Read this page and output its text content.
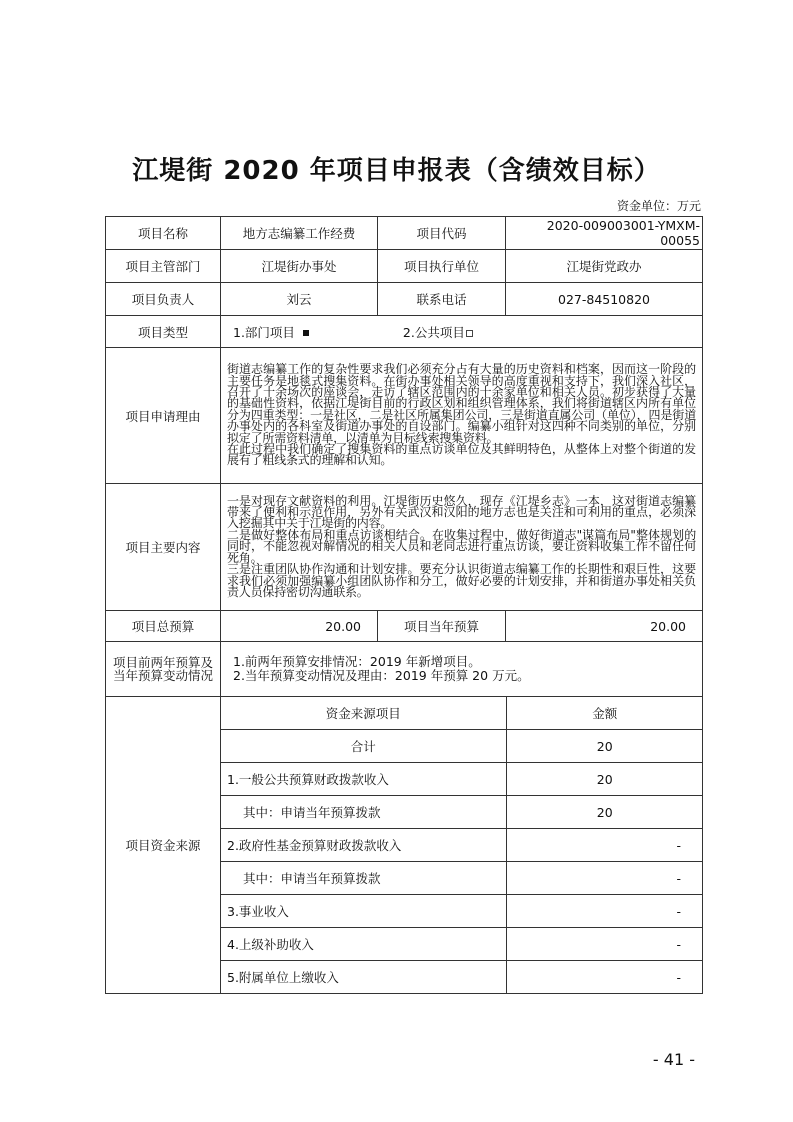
江堤街 2020 年项目申报表（含绩效目标）
资金单位：万元
项目名称	地方志编纂工作经费	项目代码	2020-009003001-YMXM-00055
项目主管部门	江堤街办事处	项目执行单位	江堤街党政办
项目负责人	刘云	联系电话	027-84510820
项目类型	1.部门项目	2.公共项目
项目申请理由	

街道志编纂工作的复杂性要求我们必须充分占有大量的历史资料和档案，因而这一阶段的主要任务是地毯式搜集资料。在街办事处相关领导的高度重视和支持下，我们深入社区，召开了十余场次的座谈会，走访了辖区范围内的十余家单位和相关人员。初步获得了大量的基础性资料，依据江堤街目前的行政区划和组织管理体系，我们将街道辖区内所有单位分为四重类型：一是社区，二是社区所属集团公司，三是街道直属公司（单位），四是街道办事处内的各科室及街道办事处的自设部门。编纂小组针对这四种不同类别的单位，分别拟定了所需资料清单，以清单为目标线索搜集资料。

在此过程中我们确定了搜集资料的重点访谈单位及其鲜明特色，从整体上对整个街道的发展有了粗线条式的理解和认知。

项目主要内容	

一是对现存文献资料的利用。江堤街历史悠久，现存《江堤乡志》一本，这对街道志编纂带来了便利和示范作用，另外有关武汉和汉阳的地方志也是关注和可利用的重点，必须深入挖掘其中关于江堤街的内容。

二是做好整体布局和重点访谈相结合。在收集过程中，做好街道志"谋篇布局"整体规划的同时，不能忽视对解情况的相关人员和老同志进行重点访谈，要让资料收集工作不留任何死角。

三是注重团队协作沟通和计划安排。要充分认识街道志编纂工作的长期性和艰巨性，这要求我们必须加强编纂小组团队协作和分工，做好必要的计划安排，并和街道办事处相关负责人员保持密切沟通联系。

项目总预算	20.00	项目当年预算	20.00
项目前两年预算及当年预算变动情况	
1.前两年预算安排情况：2019 年新增项目。
2.当年预算变动情况及理由：2019 年预算 20 万元。

项目资金来源	
资金来源项目	金额
合计	20
1.一般公共预算财政拨款收入	20
其中：申请当年预算拨款	20
2.政府性基金预算财政拨款收入	-
其中：申请当年预算拨款	-
3.事业收入	-
4.上级补助收入	-
5.附属单位上缴收入	-
- 41 -
